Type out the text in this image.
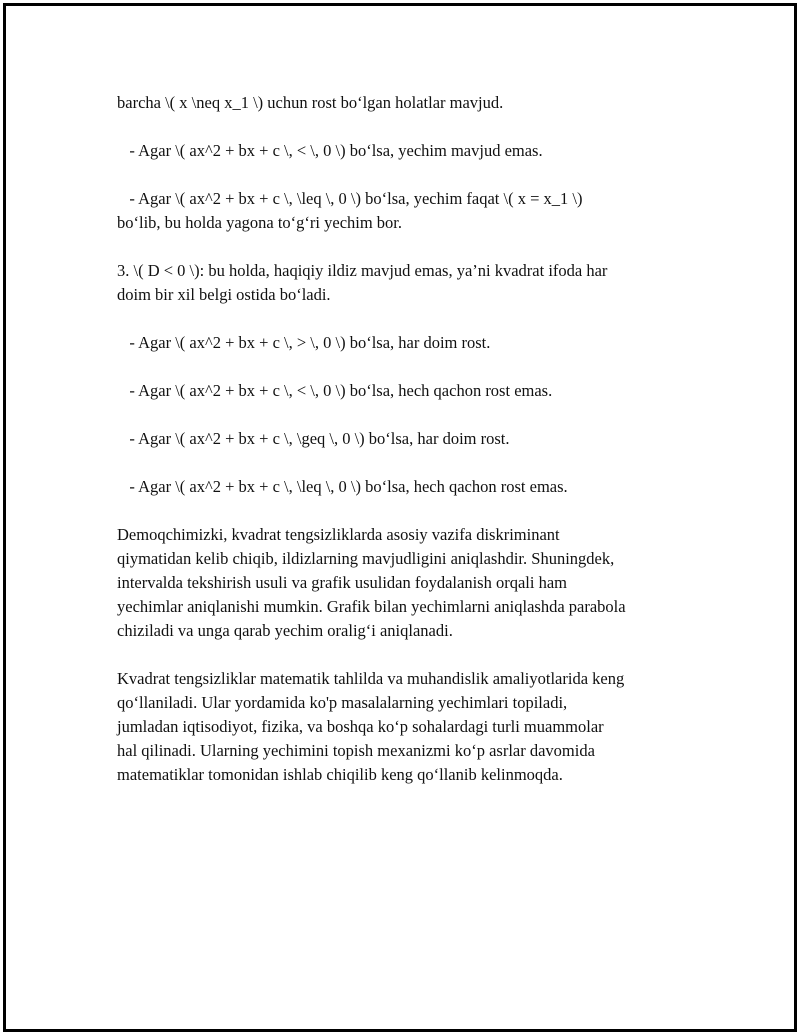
barcha \( x \neq x_1 \) uchun rost bo‘lgan holatlar mavjud.

- Agar \( ax^2 + bx + c \, < \, 0 \) bo‘lsa, yechim mavjud emas.

- Agar \( ax^2 + bx + c \, \leq \, 0 \) bo‘lsa, yechim faqat \( x = x_1 \)
bo‘lib, bu holda yagona to‘g‘ri yechim bor.

3. \( D < 0 \): bu holda, haqiqiy ildiz mavjud emas, ya’ni kvadrat ifoda har
doim bir xil belgi ostida bo‘ladi.

- Agar \( ax^2 + bx + c \, > \, 0 \) bo‘lsa, har doim rost.

- Agar \( ax^2 + bx + c \, < \, 0 \) bo‘lsa, hech qachon rost emas.

- Agar \( ax^2 + bx + c \, \geq \, 0 \) bo‘lsa, har doim rost.

- Agar \( ax^2 + bx + c \, \leq \, 0 \) bo‘lsa, hech qachon rost emas.

Demoqchimizki, kvadrat tengsizliklarda asosiy vazifa diskriminant
qiymatidan kelib chiqib, ildizlarning mavjudligini aniqlashdir. Shuningdek,
intervalda tekshirish usuli va grafik usulidan foydalanish orqali ham
yechimlar aniqlanishi mumkin. Grafik bilan yechimlarni aniqlashda parabola
chiziladi va unga qarab yechim oralig‘i aniqlanadi.

Kvadrat tengsizliklar matematik tahlilda va muhandislik amaliyotlarida keng
qo‘llaniladi. Ular yordamida ko'p masalalarning yechimlari topiladi,
jumladan iqtisodiyot, fizika, va boshqa ko‘p sohalardagi turli muammolar
hal qilinadi. Ularning yechimini topish mexanizmi ko‘p asrlar davomida
matematiklar tomonidan ishlab chiqilib keng qo‘llanib kelinmoqda.
